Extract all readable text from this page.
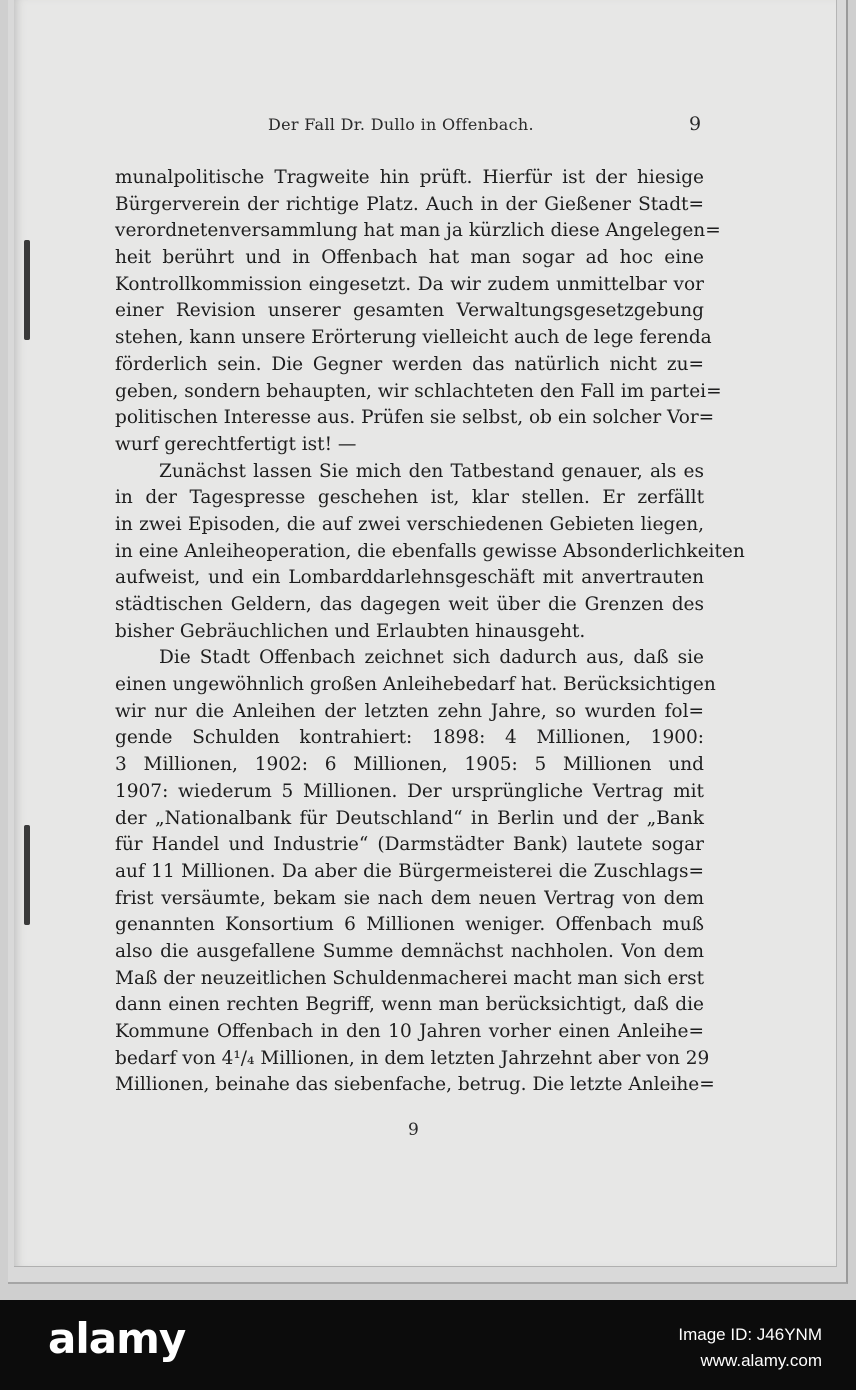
Der Fall Dr. Dullo in Offenbach.	9
munalpolitische Tragweite hin prüft. Hierfür ist der hiesige
Bürgerverein der richtige Platz. Auch in der Gießener Stadt=
verordnetenversammlung hat man ja kürzlich diese Angelegen=
heit berührt und in Offenbach hat man sogar ad hoc eine
Kontrollkommission eingesetzt. Da wir zudem unmittelbar vor
einer Revision unserer gesamten Verwaltungsgesetzgebung
stehen, kann unsere Erörterung vielleicht auch de lege ferenda
förderlich sein. Die Gegner werden das natürlich nicht zu=
geben, sondern behaupten, wir schlachteten den Fall im partei=
politischen Interesse aus. Prüfen sie selbst, ob ein solcher Vor=
wurf gerechtfertigt ist! —
Zunächst lassen Sie mich den Tatbestand genauer, als es
in der Tagespresse geschehen ist, klar stellen. Er zerfällt
in zwei Episoden, die auf zwei verschiedenen Gebieten liegen,
in eine Anleiheoperation, die ebenfalls gewisse Absonderlichkeiten
aufweist, und ein Lombarddarlehnsgeschäft mit anvertrauten
städtischen Geldern, das dagegen weit über die Grenzen des
bisher Gebräuchlichen und Erlaubten hinausgeht.
Die Stadt Offenbach zeichnet sich dadurch aus, daß sie
einen ungewöhnlich großen Anleihebedarf hat. Berücksichtigen
wir nur die Anleihen der letzten zehn Jahre, so wurden fol=
gende Schulden kontrahiert: 1898: 4 Millionen, 1900:
3 Millionen, 1902: 6 Millionen, 1905: 5 Millionen und
1907: wiederum 5 Millionen. Der ursprüngliche Vertrag mit
der „Nationalbank für Deutschland“ in Berlin und der „Bank
für Handel und Industrie“ (Darmstädter Bank) lautete sogar
auf 11 Millionen. Da aber die Bürgermeisterei die Zuschlags=
frist versäumte, bekam sie nach dem neuen Vertrag von dem
genannten Konsortium 6 Millionen weniger. Offenbach muß
also die ausgefallene Summe demnächst nachholen. Von dem
Maß der neuzeitlichen Schuldenmacherei macht man sich erst
dann einen rechten Begriff, wenn man berücksichtigt, daß die
Kommune Offenbach in den 10 Jahren vorher einen Anleihe=
bedarf von 4¹/₄ Millionen, in dem letzten Jahrzehnt aber von 29
Millionen, beinahe das siebenfache, betrug. Die letzte Anleihe=
9
alamy	Image ID: J46YNM
www.alamy.com
